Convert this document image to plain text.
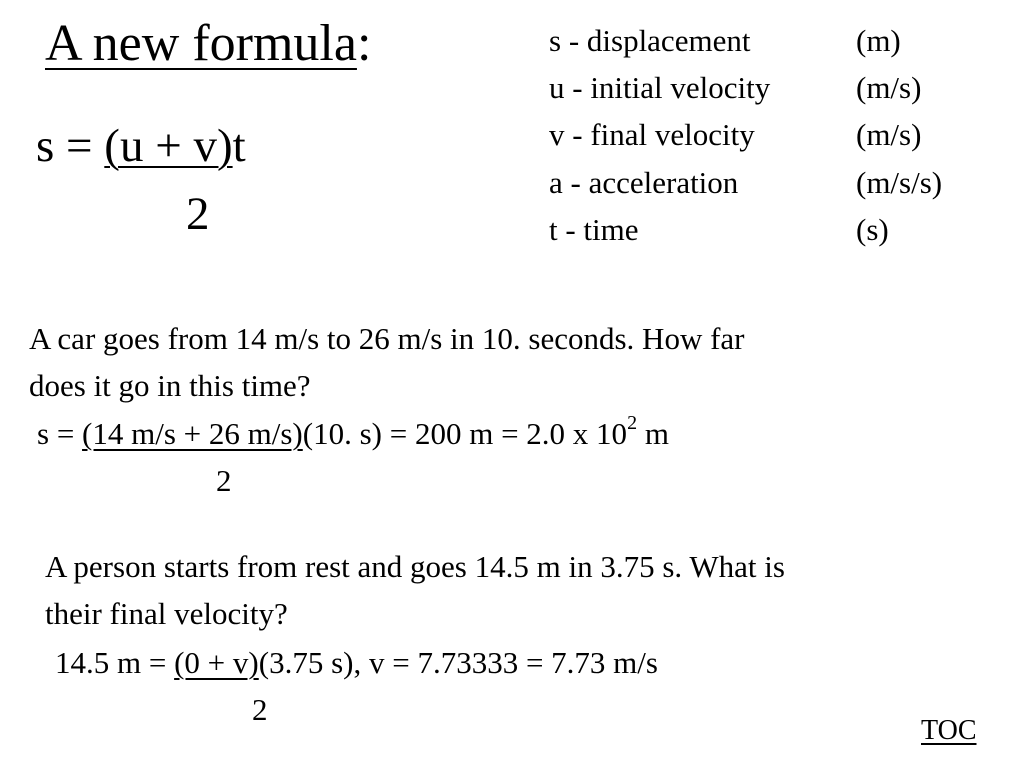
A new formula:
s = (u + v)t
2
s - displacement	(m)
u - initial velocity	(m/s)
v - final velocity	(m/s)
a - acceleration	(m/s/s)
t - time	(s)
A car goes from 14 m/s to 26 m/s in 10. seconds. How far
does it go in this time?
s = (14 m/s + 26 m/s)(10. s) = 200 m = 2.0 x $10^2$ m
2
A person starts from rest and goes 14.5 m in 3.75 s. What is
their final velocity?
14.5 m = (0 + v)(3.75 s), v = 7.73333 = 7.73 m/s
2
TOC
